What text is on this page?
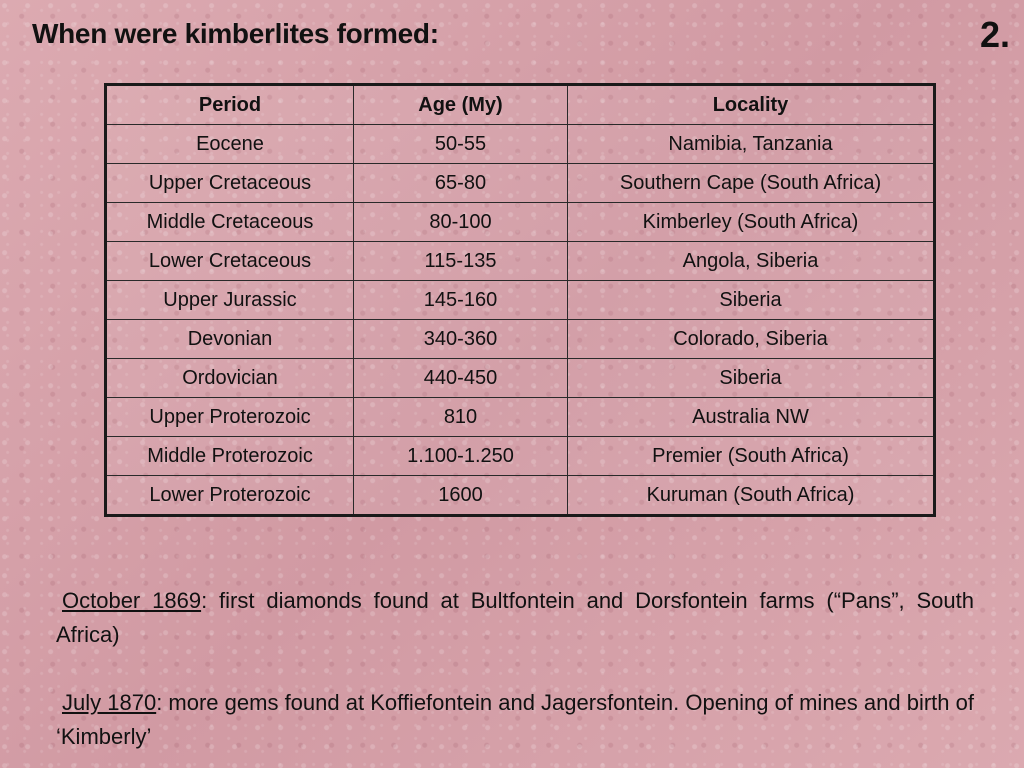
When were kimberlites formed:	2.
Period	Age (My)	Locality
Eocene	50-55	Namibia, Tanzania
Upper Cretaceous	65-80	Southern Cape (South Africa)
Middle Cretaceous	80-100	Kimberley (South Africa)
Lower Cretaceous	115-135	Angola, Siberia
Upper Jurassic	145-160	Siberia
Devonian	340-360	Colorado, Siberia
Ordovician	440-450	Siberia
Upper Proterozoic	810	Australia NW
Middle Proterozoic	1.100-1.250	Premier (South Africa)
Lower Proterozoic	1600	Kuruman (South Africa)

October 1869: first diamonds found at Bultfontein and Dorsfontein farms (“Pans”, South Africa)

July 1870: more gems found at Koffiefontein and Jagersfontein. Opening of mines and birth of ‘Kimberly’
